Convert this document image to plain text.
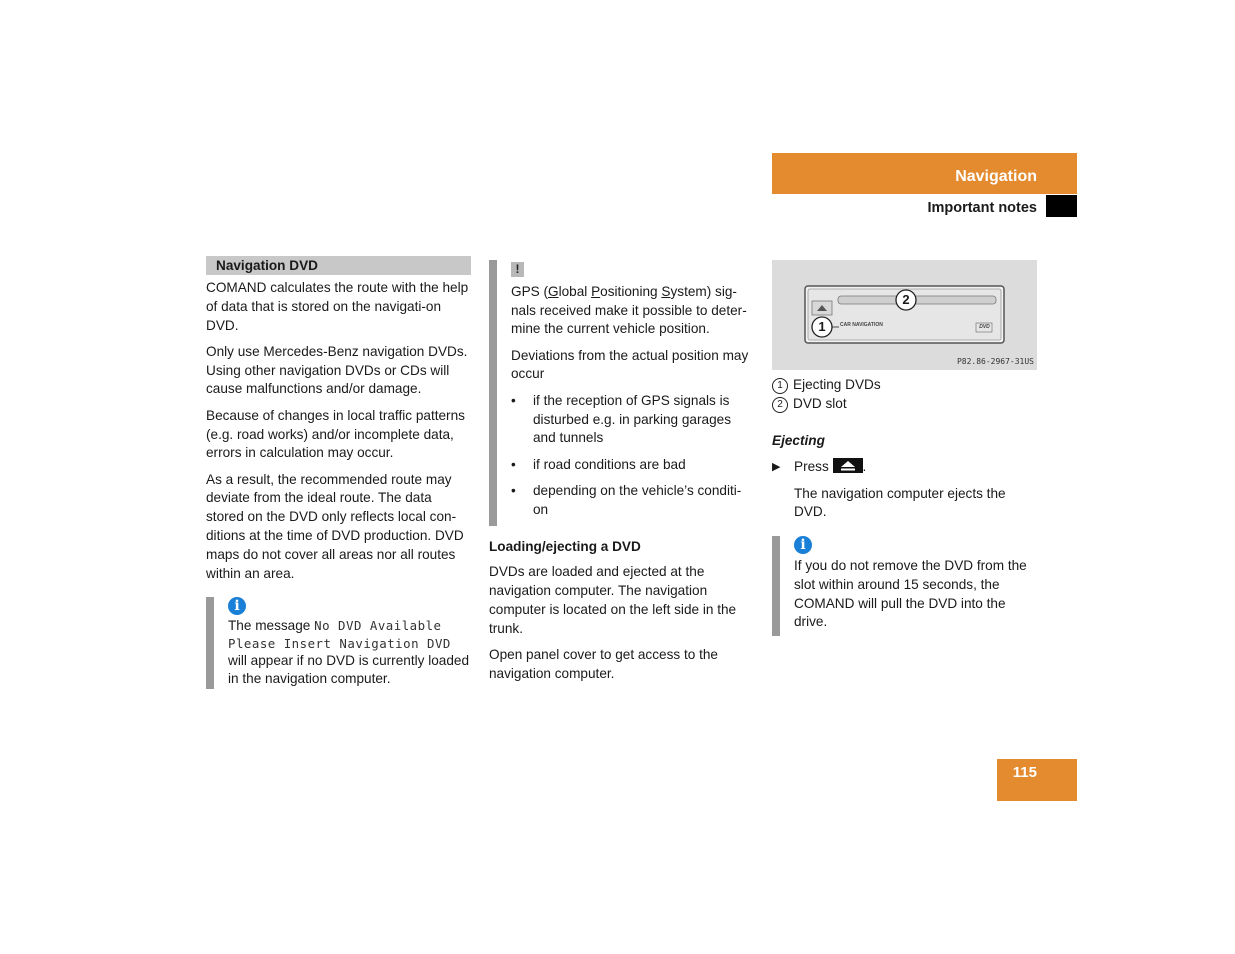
Navigation
Important notes
Navigation DVD

COMAND calculates the route with the help of data that is stored on the navigati-on DVD.

Only use Mercedes-Benz navigation DVDs. Using other navigation DVDs or CDs will cause malfunctions and/or damage.

Because of changes in local traffic patterns (e.g. road works) and/or incomplete data, errors in calculation may occur.

As a result, the recommended route may deviate from the ideal route. The data stored on the DVD only reflects local con-ditions at the time of DVD production. DVD maps do not cover all areas nor all routes within an area.

i
The message No DVD Available
Please Insert Navigation DVD
will appear if no DVD is currently loaded in the navigation computer.
!

GPS (Global Positioning System) sig-nals received make it possible to deter-mine the current vehicle position.

Deviations from the actual position may occur

• if the reception of GPS signals is disturbed e.g. in parking garages and tunnels
• if road conditions are bad
• depending on the vehicle’s conditi-on
Loading/ejecting a DVD

DVDs are loaded and ejected at the navigation computer. The navigation computer is located on the left side in the trunk.

Open panel cover to get access to the navigation computer.

2
1	CAR NAVIGATION	DVD
P82.86-2967-31US
1 Ejecting DVDs
2 DVD slot
Ejecting
▶ Press .

The navigation computer ejects the DVD.

i
If you do not remove the DVD from the slot within around 15 seconds, the COMAND will pull the DVD into the drive.
115
